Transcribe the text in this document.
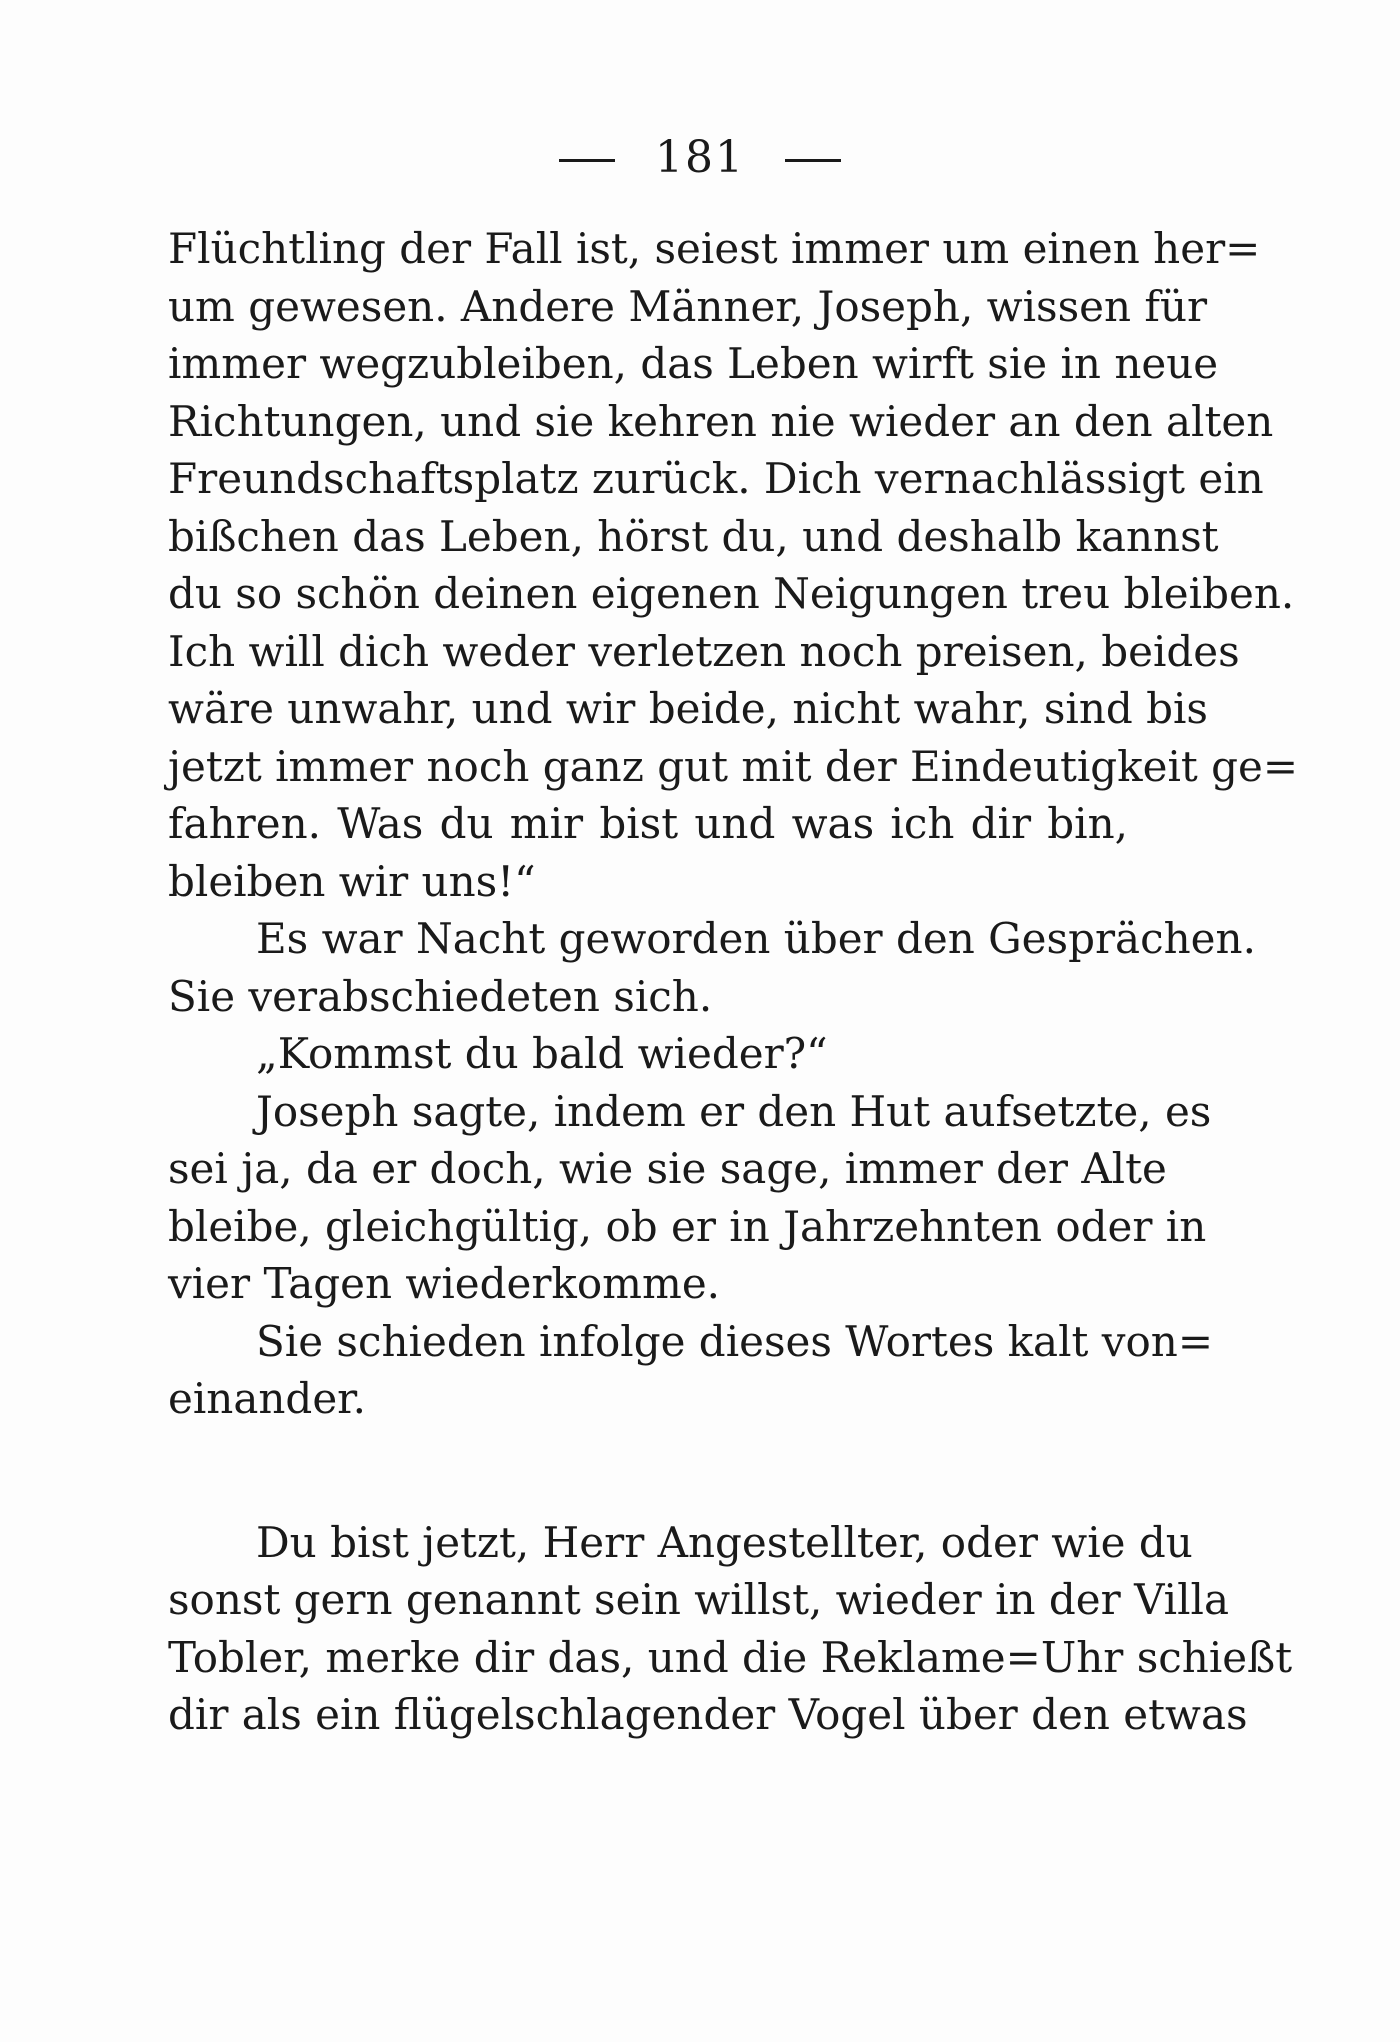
181
Flüchtling der Fall ist, seiest immer um einen her=
um gewesen. Andere Männer, Joseph, wissen für
immer wegzubleiben, das Leben wirft sie in neue
Richtungen, und sie kehren nie wieder an den alten
Freundschaftsplatz zurück. Dich vernachlässigt ein
bißchen das Leben, hörst du, und deshalb kannst
du so schön deinen eigenen Neigungen treu bleiben.
Ich will dich weder verletzen noch preisen, beides
wäre unwahr, und wir beide, nicht wahr, sind bis
jetzt immer noch ganz gut mit der Eindeutigkeit ge=
fahren. Was du mir bist und was ich dir bin,
bleiben wir uns!“
Es war Nacht geworden über den Gesprächen.
Sie verabschiedeten sich.
„Kommst du bald wieder?“
Joseph sagte, indem er den Hut aufsetzte, es
sei ja, da er doch, wie sie sage, immer der Alte
bleibe, gleichgültig, ob er in Jahrzehnten oder in
vier Tagen wiederkomme.
Sie schieden infolge dieses Wortes kalt von=
einander.
Du bist jetzt, Herr Angestellter, oder wie du
sonst gern genannt sein willst, wieder in der Villa
Tobler, merke dir das, und die Reklame=Uhr schießt
dir als ein flügelschlagender Vogel über den etwas
